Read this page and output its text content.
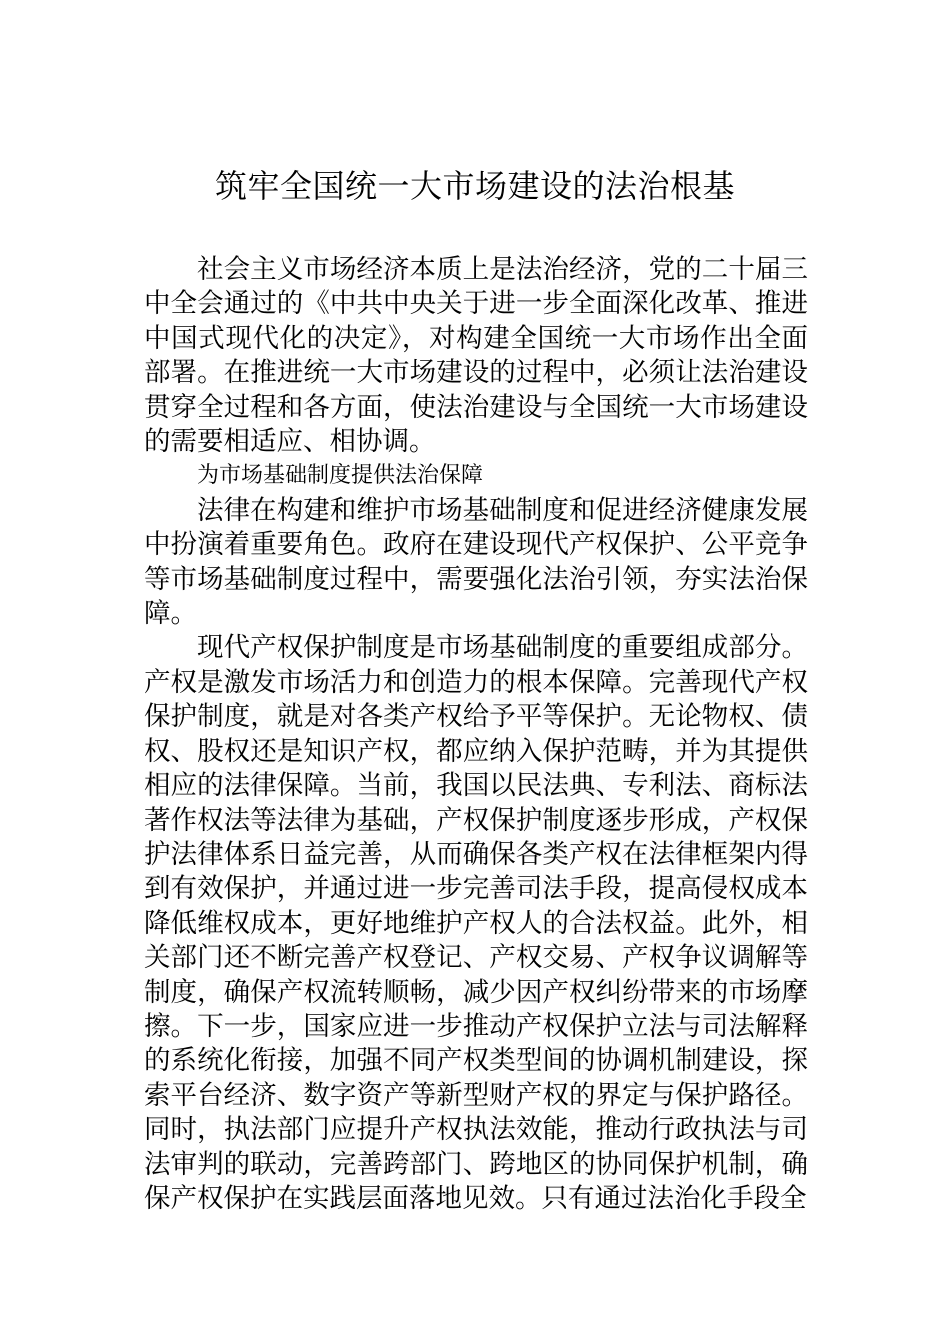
筑牢全国统一大市场建设的法治根基

社会主义市场经济本质上是法治经济，党的二十届三中全会通过的《中共中央关于进一步全面深化改革、推进中国式现代化的决定》，对构建全国统一大市场作出全面部署。在推进统一大市场建设的过程中，必须让法治建设贯穿全过程和各方面，使法治建设与全国统一大市场建设的需要相适应、相协调。

为市场基础制度提供法治保障

法律在构建和维护市场基础制度和促进经济健康发展中扮演着重要角色。政府在建设现代产权保护、公平竞争等市场基础制度过程中，需要强化法治引领，夯实法治保障。

现代产权保护制度是市场基础制度的重要组成部分。产权是激发市场活力和创造力的根本保障。完善现代产权保护制度，就是对各类产权给予平等保护。无论物权、债权、股权还是知识产权，都应纳入保护范畴，并为其提供相应的法律保障。当前，我国以民法典、专利法、商标法著作权法等法律为基础，产权保护制度逐步形成，产权保护法律体系日益完善，从而确保各类产权在法律框架内得到有效保护，并通过进一步完善司法手段，提高侵权成本降低维权成本，更好地维护产权人的合法权益。此外，相关部门还不断完善产权登记、产权交易、产权争议调解等制度，确保产权流转顺畅，减少因产权纠纷带来的市场摩擦。下一步，国家应进一步推动产权保护立法与司法解释的系统化衔接，加强不同产权类型间的协调机制建设，探索平台经济、数字资产等新型财产权的界定与保护路径。同时，执法部门应提升产权执法效能，推动行政执法与司法审判的联动，完善跨部门、跨地区的协同保护机制，确保产权保护在实践层面落地见效。只有通过法治化手段全
